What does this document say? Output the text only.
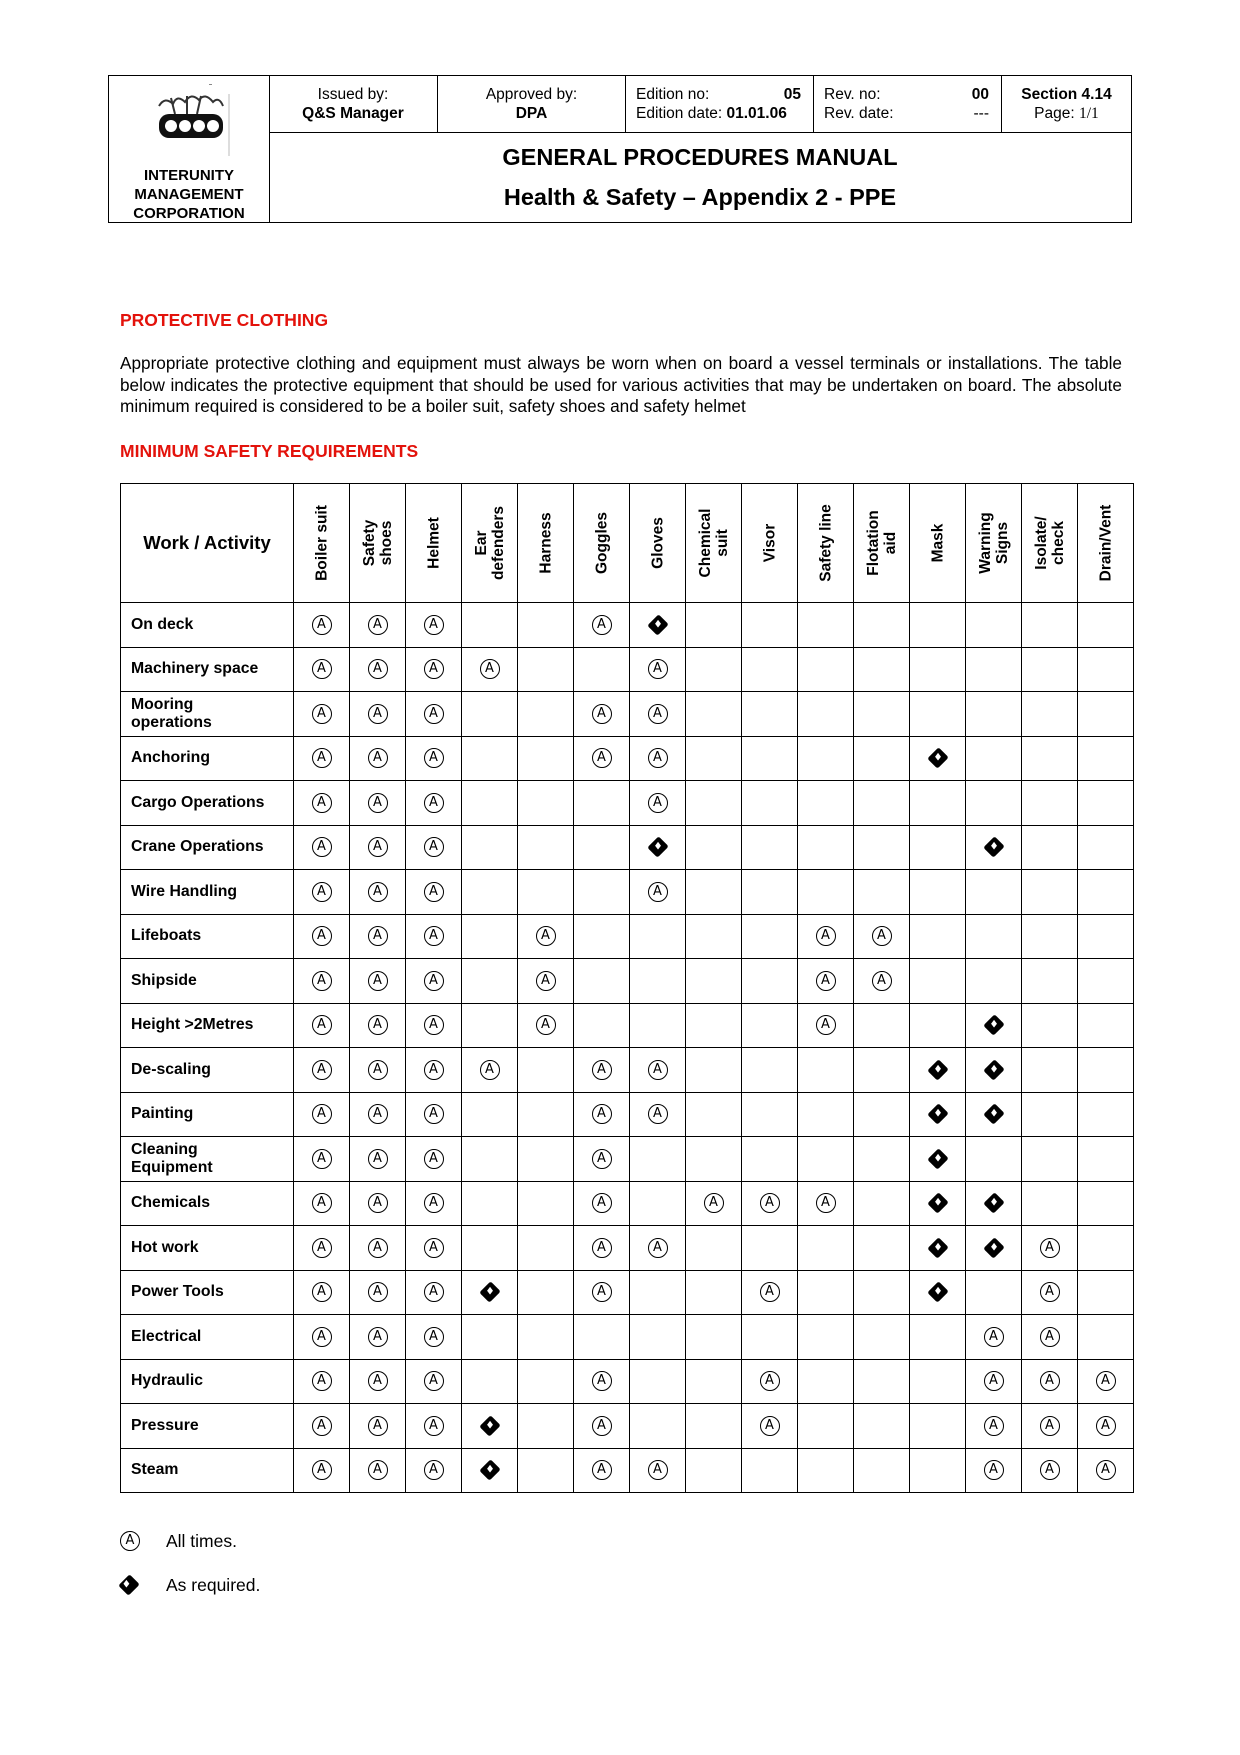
INTERUNITY
MANAGEMENT
CORPORATION
Issued by:
Q&S Manager
Approved by:
DPA
Edition no:	05
Edition date: 01.01.06
Rev. no:	00
Rev. date:	---
Section 4.14
Page: 1/1
GENERAL PROCEDURES MANUAL
Health & Safety – Appendix 2 - PPE
PROTECTIVE CLOTHING
Appropriate protective clothing and equipment must always be worn when on board a vessel terminals or installations. The table below indicates the protective equipment that should be used for various activities that may be undertaken on board. The absolute minimum required is considered to be a boiler suit, safety shoes and safety helmet
MINIMUM SAFETY REQUIREMENTS
Work / Activity	Boiler suit	Safety shoes	Helmet	Ear defenders	Harness	Goggles	Gloves	Chemical suit	Visor	Safety line	Flotation aid	Mask	Warning Signs	Isolate/ check	Drain/Vent

On deck	A	A	A			A	♦								

Machinery space	A	A	A	A			A								

Mooring
operations	A	A	A			A	A								

Anchoring	A	A	A			A	A					♦			

Cargo Operations	A	A	A				A								

Crane Operations	A	A	A				♦						♦		

Wire Handling	A	A	A				A								

Lifeboats	A	A	A		A					A	A				

Shipside	A	A	A		A					A	A				

Height >2Metres	A	A	A		A					A			♦		

De-scaling	A	A	A	A		A	A					♦	♦		

Painting	A	A	A			A	A					♦	♦		

Cleaning
Equipment	A	A	A			A						♦			

Chemicals	A	A	A			A		A	A	A		♦	♦		

Hot work	A	A	A			A	A					♦	♦	A	

Power Tools	A	A	A	♦		A			A			♦		A	

Electrical	A	A	A										A	A	

Hydraulic	A	A	A			A			A				A	A	A

Pressure	A	A	A	♦		A			A				A	A	A

Steam	A	A	A	♦		A	A						A	A	A
A	All times.
♦ As required.
